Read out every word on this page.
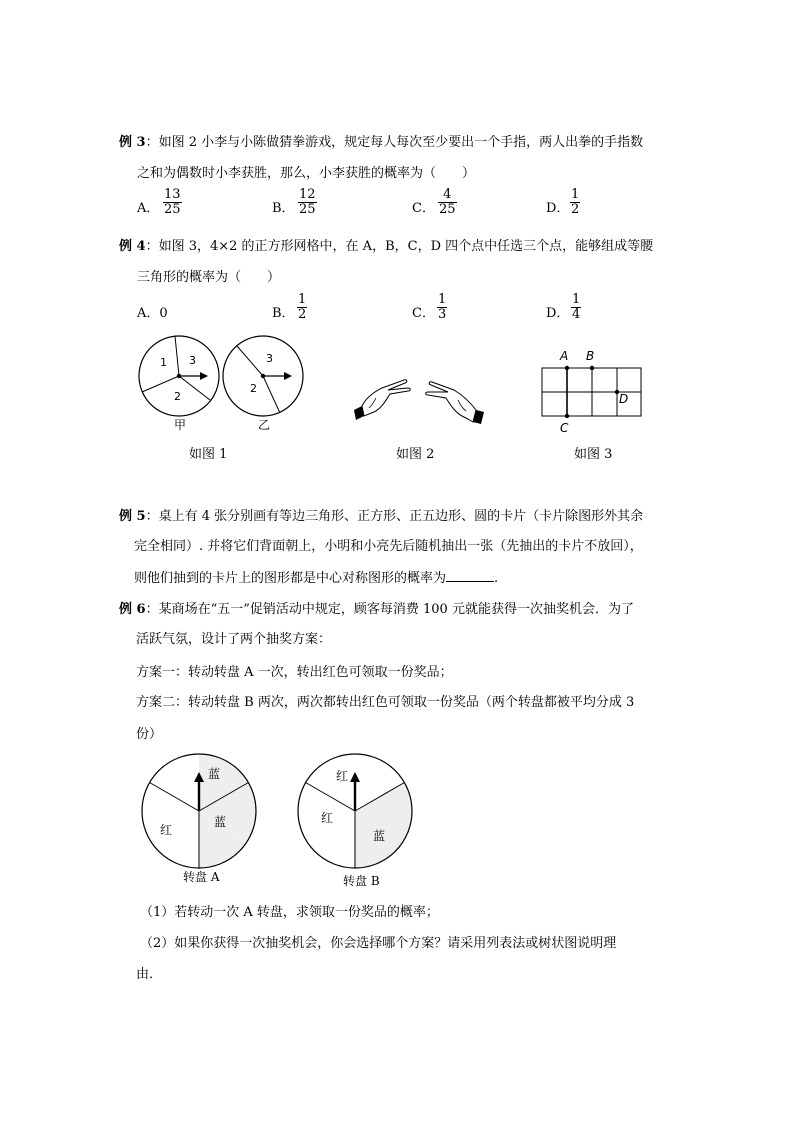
例 3：如图 2 小李与小陈做猜拳游戏，规定每人每次至少要出一个手指，两人出拳的手指数
之和为偶数时小李获胜，那么，小李获胜的概率为（　　）
A． $\frac{13}{25}$	B． $\frac{12}{25}$	C． $\frac{4}{25}$	D． $\frac{1}{2}$
例 4：如图 3，4×2 的正方形网格中，在 A，B，C，D 四个点中任选三个点，能够组成等腰
三角形的概率为（　　）
A．0	B． $\frac{1}{2}$	C． $\frac{1}{3}$	D． $\frac{1}{4}$
1 3
2
3
2
甲	乙
如图 1	如图 2
A B
C
D
如图 3
例 5：桌上有 4 张分别画有等边三角形、正方形、正五边形、圆的卡片（卡片除图形外其余
完全相同）. 并将它们背面朝上，小明和小亮先后随机抽出一张（先抽出的卡片不放回），
则他们抽到的卡片上的图形都是中心对称图形的概率为	.
例 6：某商场在“五一”促销活动中规定，顾客每消费 100 元就能获得一次抽奖机会．为了
活跃气氛，设计了两个抽奖方案：
方案一：转动转盘 A 一次，转出红色可领取一份奖品；
方案二：转动转盘 B 两次，两次都转出红色可领取一份奖品（两个转盘都被平均分成 3
份）
蓝
红
蓝
红
红
蓝
转盘 A	转盘 B
（1）若转动一次 A 转盘，求领取一份奖品的概率；
（2）如果你获得一次抽奖机会，你会选择哪个方案？请采用列表法或树状图说明理
由．
